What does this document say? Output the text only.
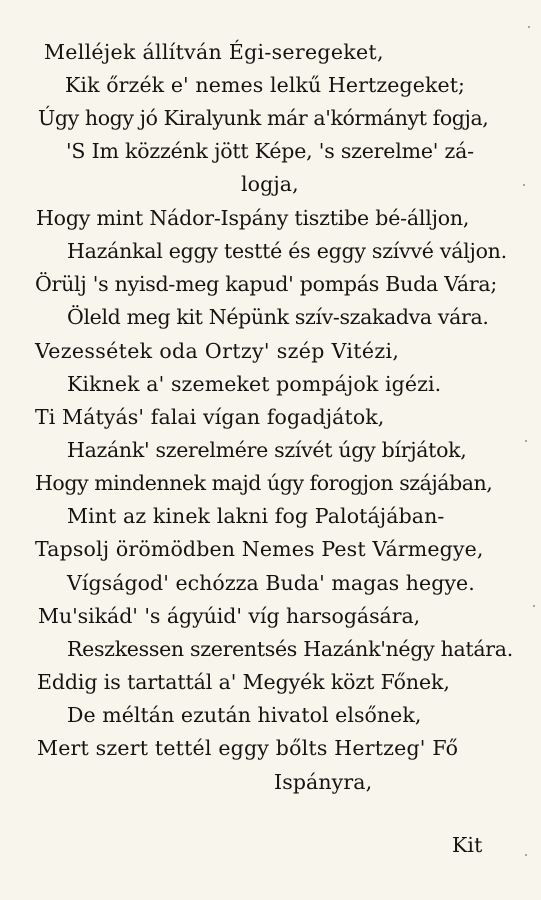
Melléjek állítván Égi-seregeket,
Kik őrzék e' nemes lelkű Hertzegeket;
Úgy hogy jó Kiralyunk már a'kórmányt fogja,
'S Im közzénk jött Képe, 's szerelme' zá-
logja,
Hogy mint Nádor-Ispány tisztibe bé-álljon,
Hazánkal eggy testté és eggy szívvé váljon.
Örülj 's nyisd-meg kapud' pompás Buda Vára;
Öleld meg kit Népünk szív-szakadva vára.
Vezessétek oda Ortzy' szép Vitézi,
Kiknek a' szemeket pompájok igézi.
Ti Mátyás' falai vígan fogadjátok,
Hazánk' szerelmére szívét úgy bírjátok,
Hogy mindennek majd úgy forogjon szájában,
Mint az kinek lakni fog Palotájában-
Tapsolj örömödben Nemes Pest Vármegye,
Vígságod' echózza Buda' magas hegye.
Mu'sikád' 's ágyúid' víg harsogására,
Reszkessen szerentsés Hazánk'négy határa.
Eddig is tartattál a' Megyék közt Főnek,
De méltán ezután hivatol elsőnek,
Mert szert tettél eggy bőlts Hertzeg' Fő
Ispányra,
Kit
